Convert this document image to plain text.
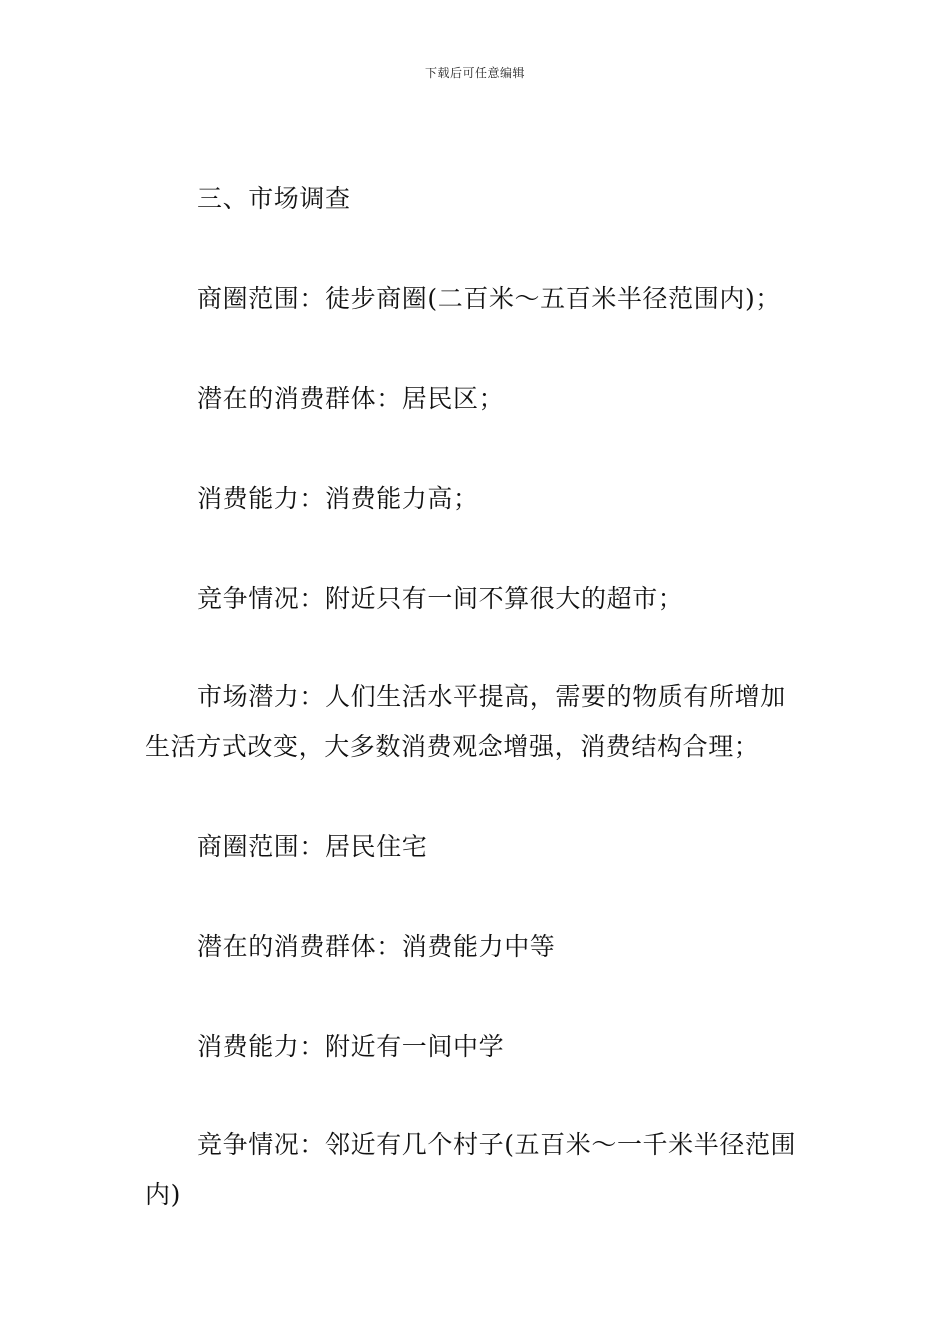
下载后可任意编辑

三、市场调查

商圈范围：徒步商圈(二百米～五百米半径范围内)；

潜在的消费群体：居民区；

消费能力：消费能力高；

竞争情况：附近只有一间不算很大的超市；

市场潜力：人们生活水平提高，需要的物质有所增加生活方式改变，大多数消费观念增强，消费结构合理；

商圈范围：居民住宅

潜在的消费群体：消费能力中等

消费能力：附近有一间中学

竞争情况：邻近有几个村子(五百米～一千米半径范围内)
